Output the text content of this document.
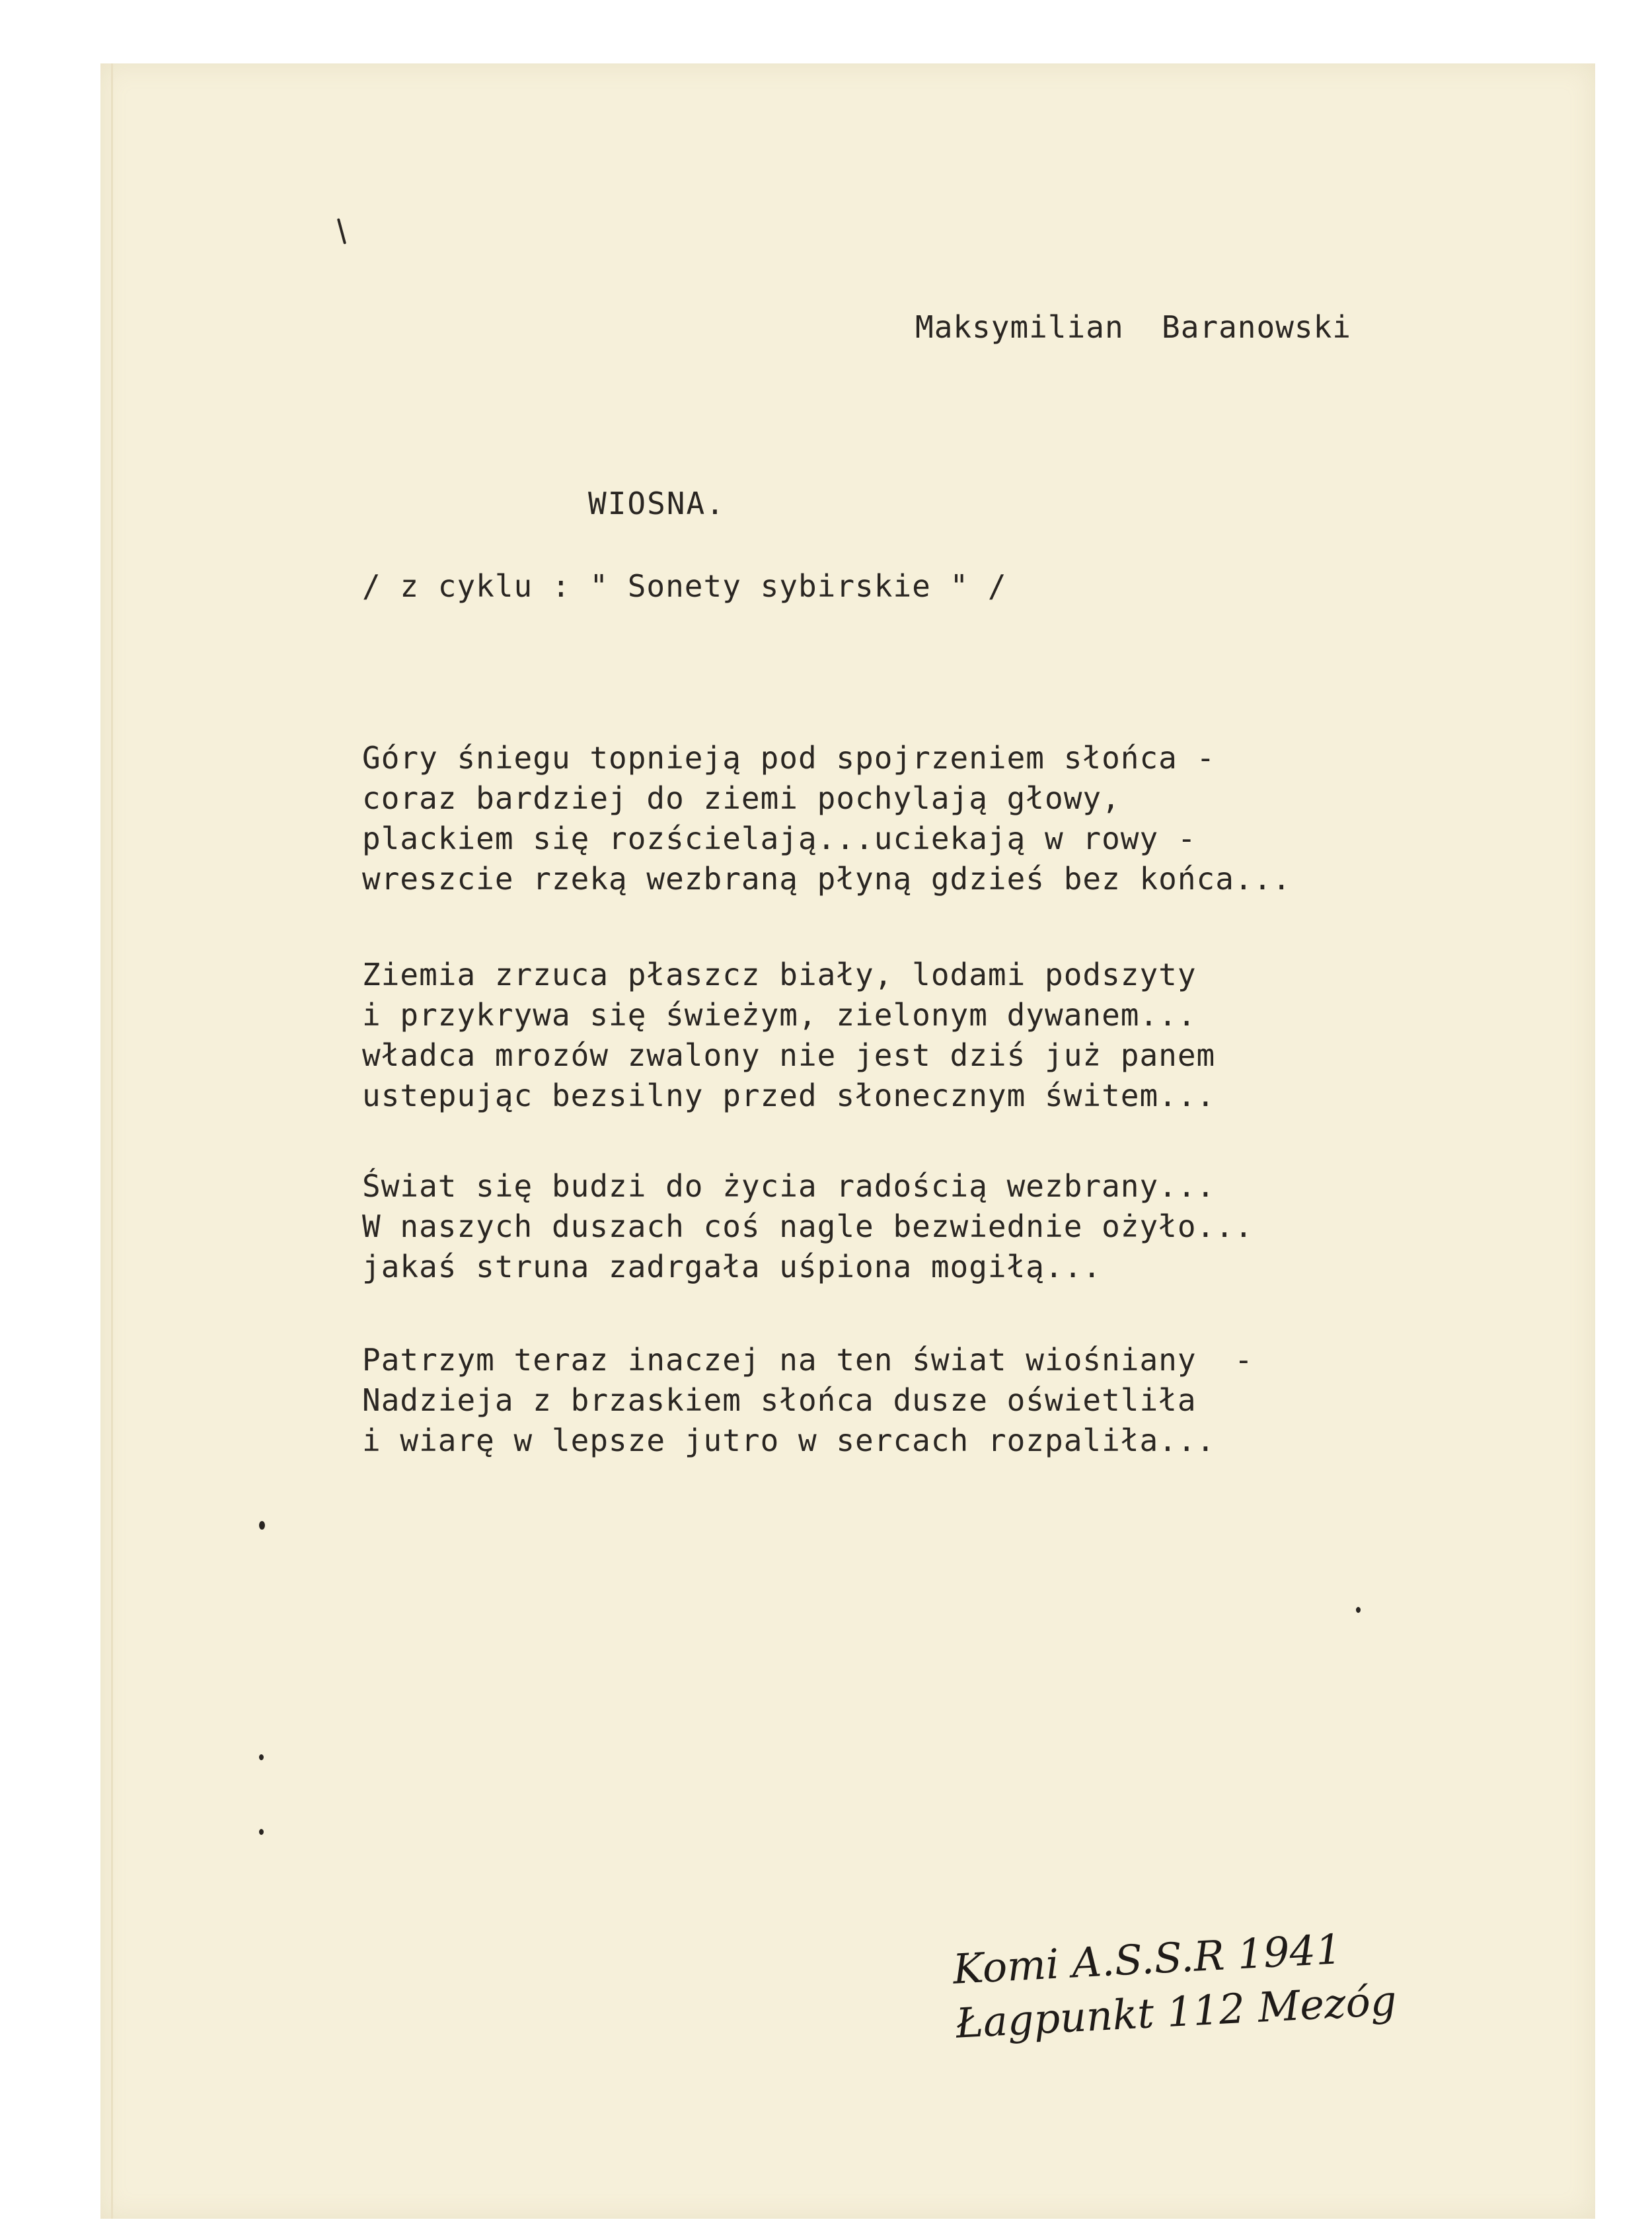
Maksymilian  Baranowski
WIOSNA.
/ z cyklu : " Sonety sybirskie " /
Góry śniegu topnieją pod spojrzeniem słońca -
coraz bardziej do ziemi pochylają głowy,
plackiem się rozścielają...uciekają w rowy -
wreszcie rzeką wezbraną płyną gdzieś bez końca...
Ziemia zrzuca płaszcz biały, lodami podszyty
i przykrywa się świeżym, zielonym dywanem...
władca mrozów zwalony nie jest dziś już panem
ustepując bezsilny przed słonecznym świtem...
Świat się budzi do życia radością wezbrany...
W naszych duszach coś nagle bezwiednie ożyło...
jakaś struna zadrgała uśpiona mogiłą...
Patrzym teraz inaczej na ten świat wiośniany  -
Nadzieja z brzaskiem słońca dusze oświetliła
i wiarę w lepsze jutro w sercach rozpaliła...
Komi A.S.S.R 1941
Łagpunkt 112 Mezóg
